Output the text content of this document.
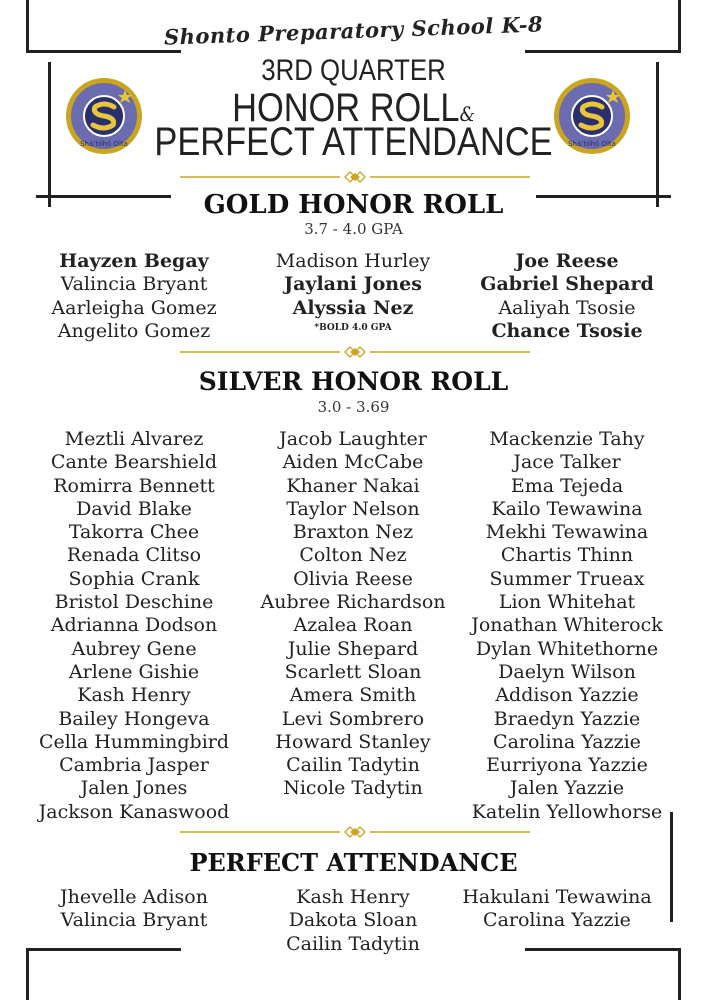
Shonto Preparatory School K-8
3RD QUARTER
HONOR ROLL&
PERFECT ATTENDANCE
Shá’tóhó Olta	Shá’tóhó Olta
GOLD HONOR ROLL
3.7 - 4.0 GPA
Hayzen Begay
Valincia Bryant
Aarleigha Gomez
Angelito Gomez
Madison Hurley
Jaylani Jones
Alyssia Nez
*BOLD 4.0 GPA
Joe Reese
Gabriel Shepard
Aaliyah Tsosie
Chance Tsosie
SILVER HONOR ROLL
3.0 - 3.69
Meztli Alvarez
Cante Bearshield
Romirra Bennett
David Blake
Takorra Chee
Renada Clitso
Sophia Crank
Bristol Deschine
Adrianna Dodson
Aubrey Gene
Arlene Gishie
Kash Henry
Bailey Hongeva
Cella Hummingbird
Cambria Jasper
Jalen Jones
Jackson Kanaswood
Jacob Laughter
Aiden McCabe
Khaner Nakai
Taylor Nelson
Braxton Nez
Colton Nez
Olivia Reese
Aubree Richardson
Azalea Roan
Julie Shepard
Scarlett Sloan
Amera Smith
Levi Sombrero
Howard Stanley
Cailin Tadytin
Nicole Tadytin
Mackenzie Tahy
Jace Talker
Ema Tejeda
Kailo Tewawina
Mekhi Tewawina
Chartis Thinn
Summer Trueax
Lion Whitehat
Jonathan Whiterock
Dylan Whitethorne
Daelyn Wilson
Addison Yazzie
Braedyn Yazzie
Carolina Yazzie
Eurriyona Yazzie
Jalen Yazzie
Katelin Yellowhorse
PERFECT ATTENDANCE
Jhevelle Adison
Valincia Bryant
Kash Henry
Dakota Sloan
Cailin Tadytin
Hakulani Tewawina
Carolina Yazzie
